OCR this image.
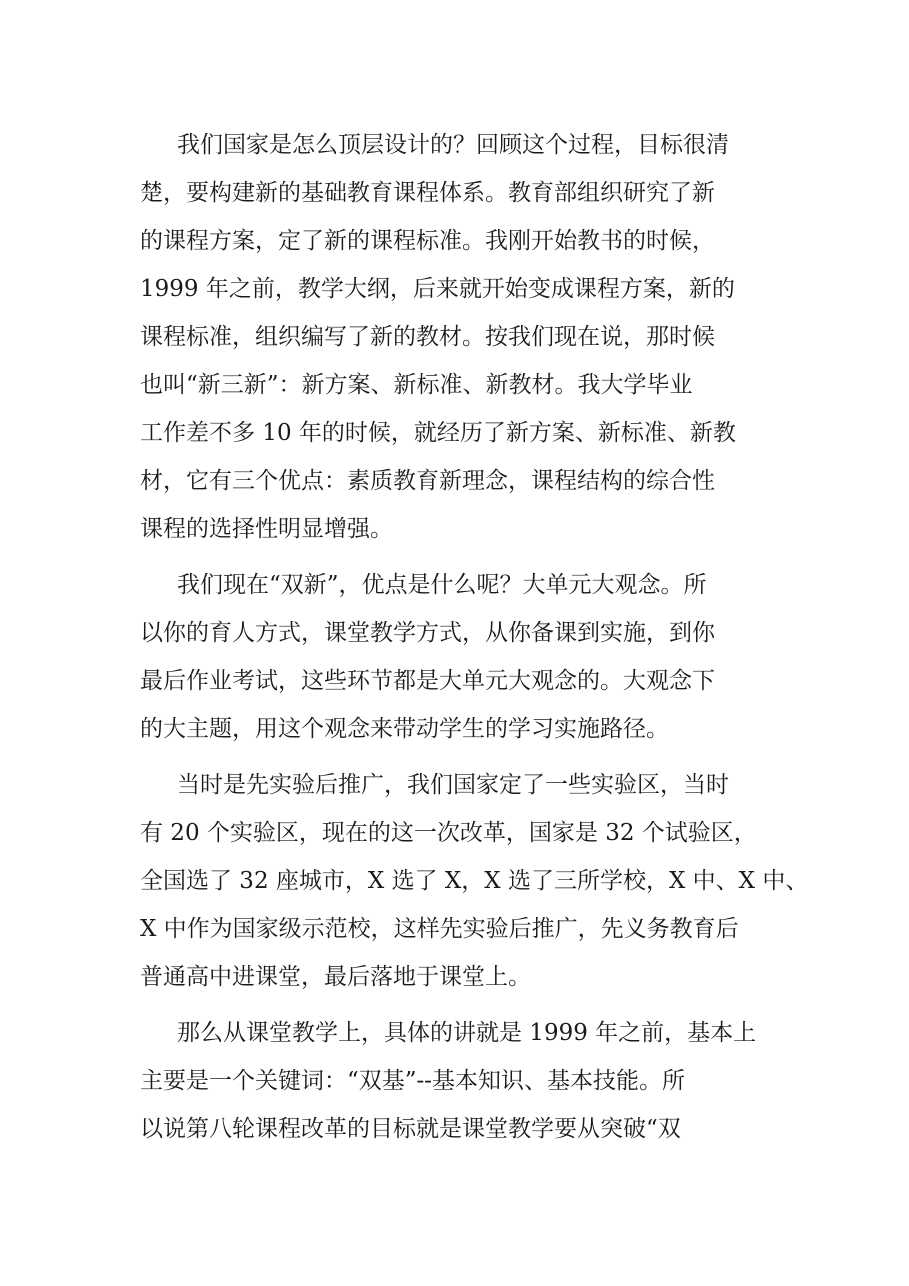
我们国家是怎么顶层设计的？回顾这个过程，目标很清
楚，要构建新的基础教育课程体系。教育部组织研究了新
的课程方案，定了新的课程标准。我刚开始教书的时候，
1999 年之前，教学大纲，后来就开始变成课程方案，新的
课程标准，组织编写了新的教材。按我们现在说，那时候
也叫“新三新”：新方案、新标准、新教材。我大学毕业
工作差不多 10 年的时候，就经历了新方案、新标准、新教
材，它有三个优点：素质教育新理念，课程结构的综合性
课程的选择性明显增强。
我们现在“双新”，优点是什么呢？大单元大观念。所
以你的育人方式，课堂教学方式，从你备课到实施，到你
最后作业考试，这些环节都是大单元大观念的。大观念下
的大主题，用这个观念来带动学生的学习实施路径。
当时是先实验后推广，我们国家定了一些实验区，当时
有 20 个实验区，现在的这一次改革，国家是 32 个试验区，
全国选了 32 座城市，X 选了 X，X 选了三所学校，X 中、X 中、
X 中作为国家级示范校，这样先实验后推广，先义务教育后
普通高中进课堂，最后落地于课堂上。
那么从课堂教学上，具体的讲就是 1999 年之前，基本上
主要是一个关键词：“双基”--基本知识、基本技能。所
以说第八轮课程改革的目标就是课堂教学要从突破“双
